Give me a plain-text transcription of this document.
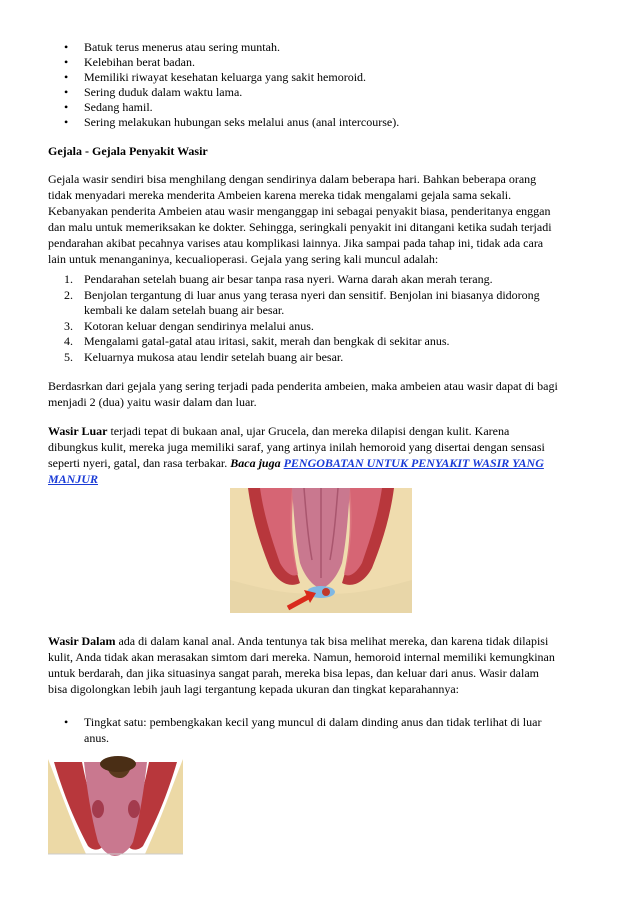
• Batuk terus menerus atau sering muntah.
• Kelebihan berat badan.
• Memiliki riwayat kesehatan keluarga yang sakit hemoroid.
• Sering duduk dalam waktu lama.
• Sedang hamil.
• Sering melakukan hubungan seks melalui anus (anal intercourse).
Gejala - Gejala Penyakit Wasir
Gejala wasir sendiri bisa menghilang dengan sendirinya dalam beberapa hari. Bahkan beberapa orang
tidak menyadari mereka menderita Ambeien karena mereka tidak mengalami gejala sama sekali.
Kebanyakan penderita Ambeien atau wasir menganggap ini sebagai penyakit biasa, penderitanya enggan
dan malu untuk memeriksakan ke dokter. Sehingga, seringkali penyakit ini ditangani ketika sudah terjadi
pendarahan akibat pecahnya varises atau komplikasi lainnya. Jika sampai pada tahap ini, tidak ada cara
lain untuk menanganinya, kecualioperasi. Gejala yang sering kali muncul adalah:
1. Pendarahan setelah buang air besar tanpa rasa nyeri. Warna darah akan merah terang.
2. Benjolan tergantung di luar anus yang terasa nyeri dan sensitif. Benjolan ini biasanya didorong
kembali ke dalam setelah buang air besar.
3. Kotoran keluar dengan sendirinya melalui anus.
4. Mengalami gatal-gatal atau iritasi, sakit, merah dan bengkak di sekitar anus.
5. Keluarnya mukosa atau lendir setelah buang air besar.
Berdasrkan dari gejala yang sering terjadi pada penderita ambeien, maka ambeien atau wasir dapat di bagi
menjadi 2 (dua) yaitu wasir dalam dan luar.
Wasir Luar terjadi tepat di bukaan anal, ujar Grucela, dan mereka dilapisi dengan kulit. Karena
dibungkus kulit, mereka juga memiliki saraf, yang artinya inilah hemoroid yang disertai dengan sensasi
seperti nyeri, gatal, dan rasa terbakar. Baca juga PENGOBATAN UNTUK PENYAKIT WASIR YANG
MANJUR
Wasir Dalam ada di dalam kanal anal. Anda tentunya tak bisa melihat mereka, dan karena tidak dilapisi
kulit, Anda tidak akan merasakan simtom dari mereka. Namun, hemoroid internal memiliki kemungkinan
untuk berdarah, dan jika situasinya sangat parah, mereka bisa lepas, dan keluar dari anus. Wasir dalam
bisa digolongkan lebih jauh lagi tergantung kepada ukuran dan tingkat keparahannya:
• Tingkat satu: pembengkakan kecil yang muncul di dalam dinding anus dan tidak terlihat di luar
anus.
